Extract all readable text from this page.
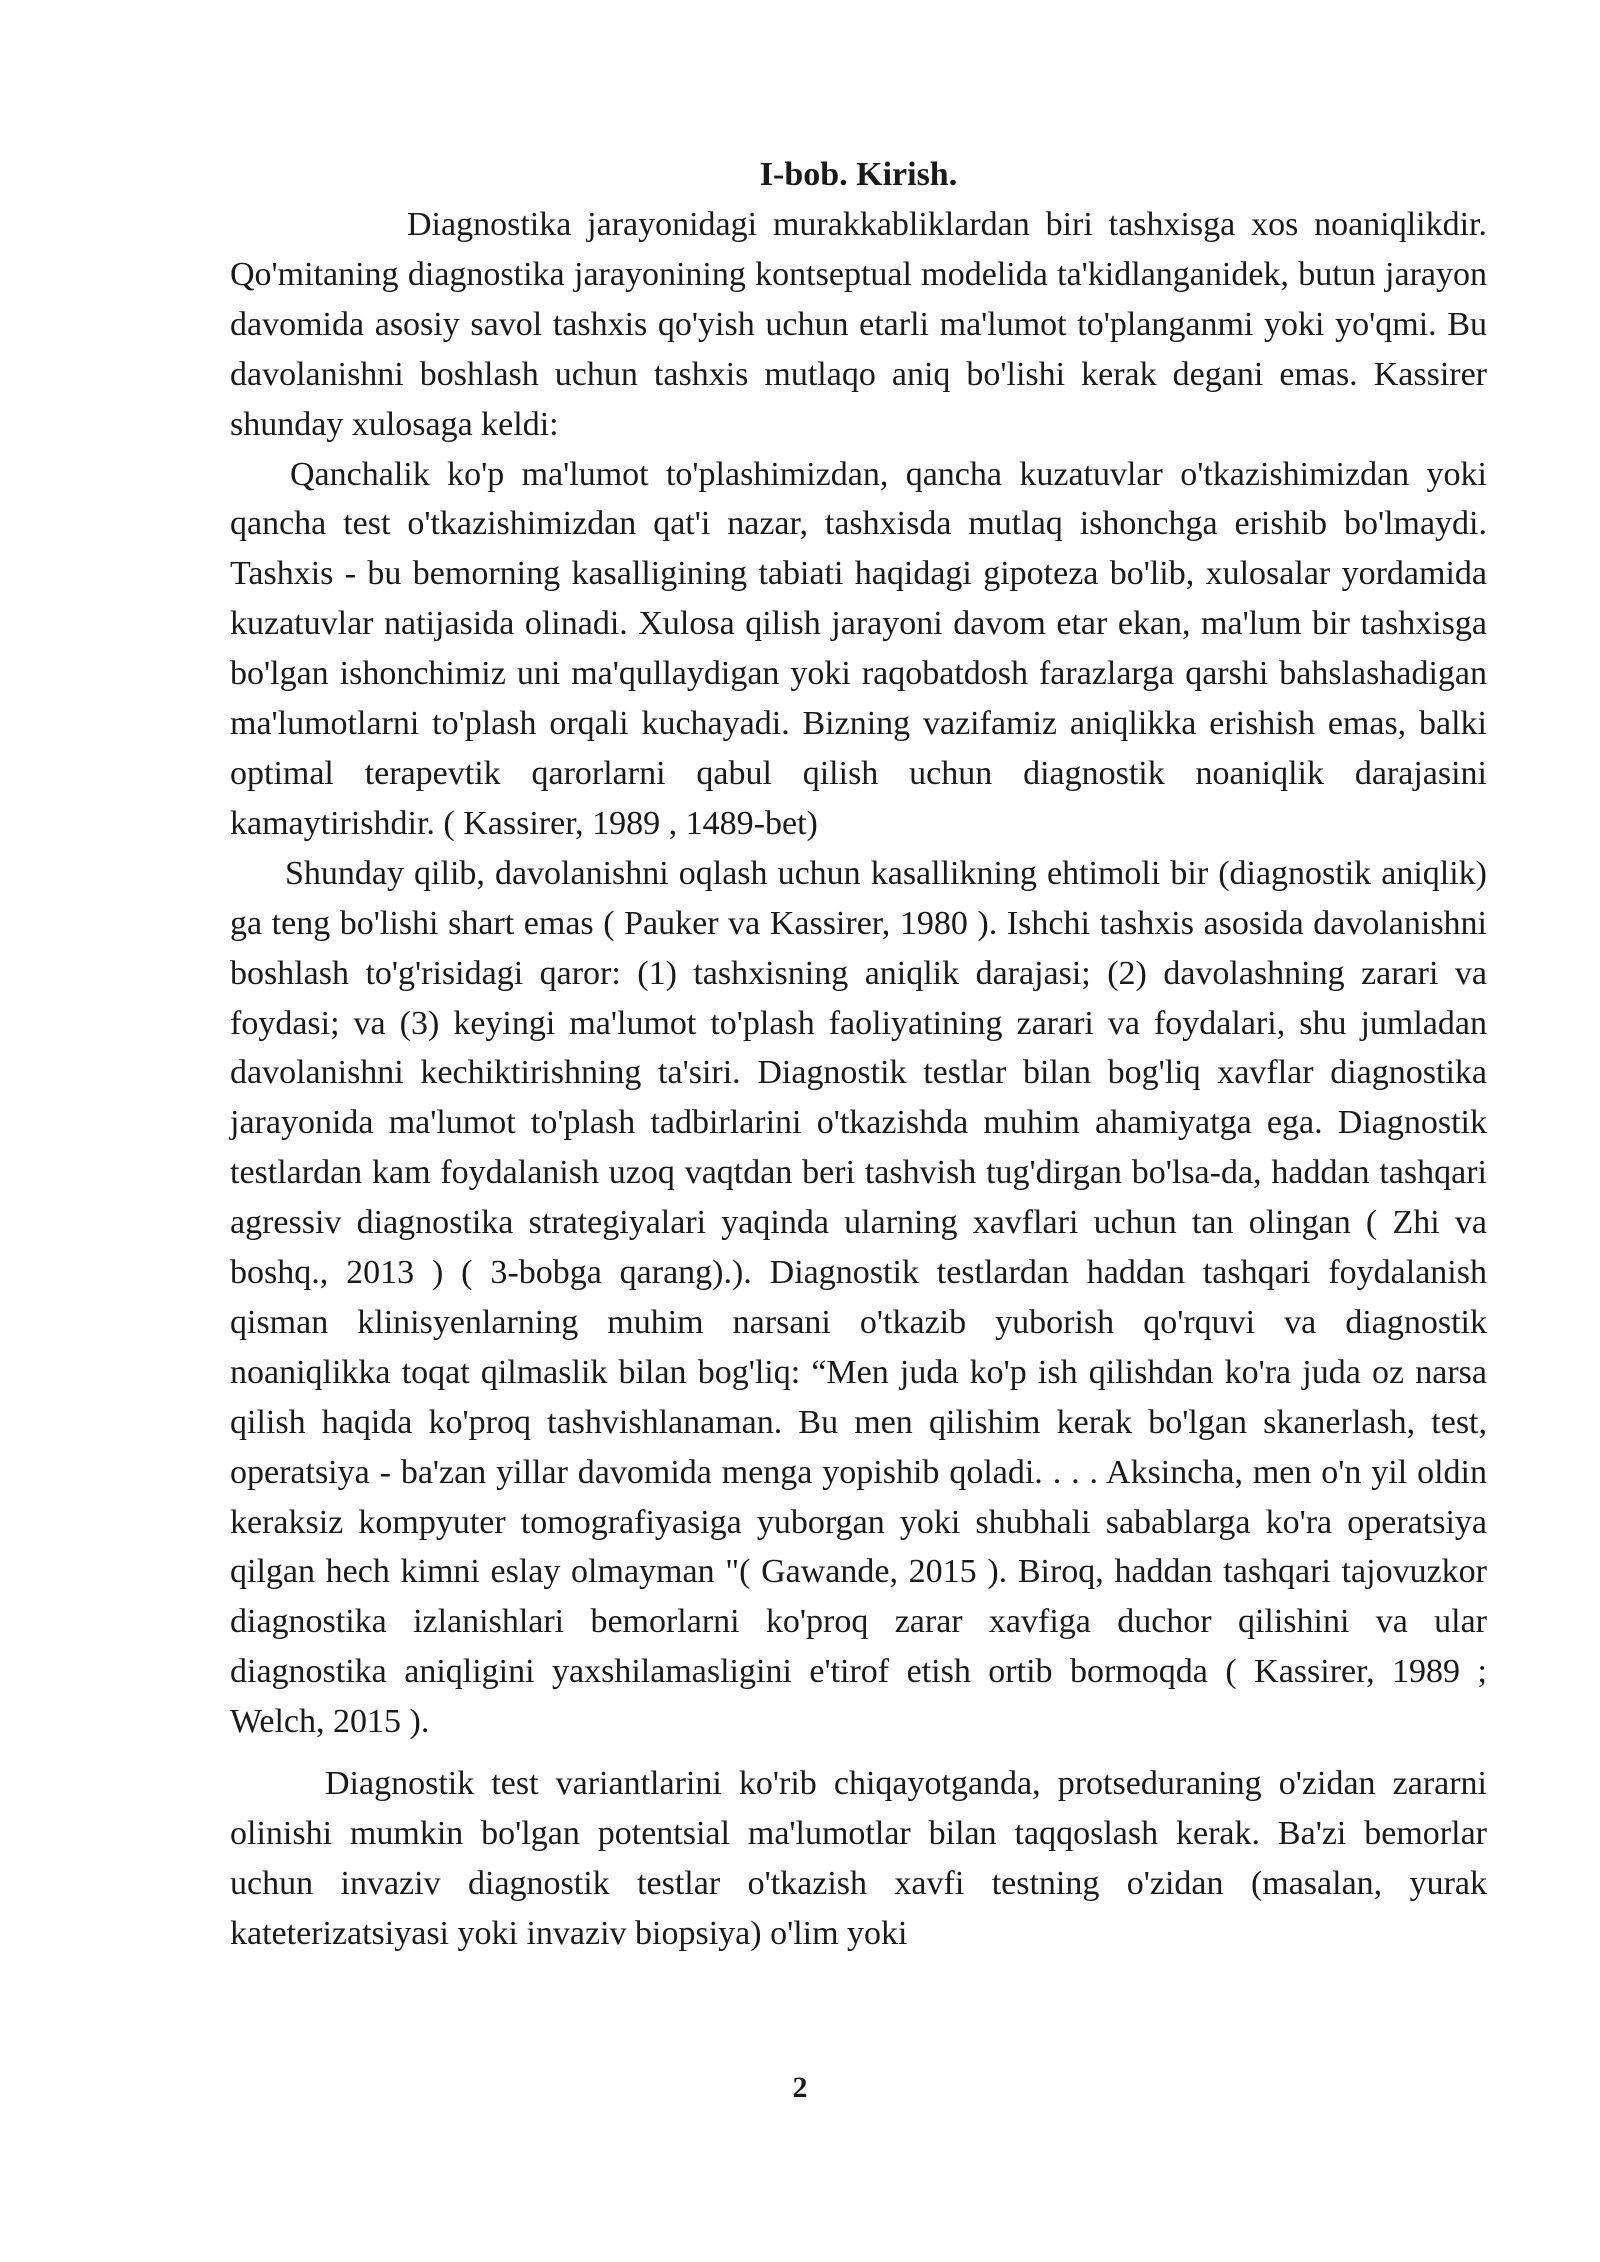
I-bob. Kirish.

Diagnostika jarayonidagi murakkabliklardan biri tashxisga xos noaniqlikdir. Qo'mitaning diagnostika jarayonining kontseptual modelida ta'kidlanganidek, butun jarayon davomida asosiy savol tashxis qo'yish uchun etarli ma'lumot to'planganmi yoki yo'qmi. Bu davolanishni boshlash uchun tashxis mutlaqo aniq bo'lishi kerak degani emas. Kassirer shunday xulosaga keldi:

Qanchalik ko'p ma'lumot to'plashimizdan, qancha kuzatuvlar o'tkazishimizdan yoki qancha test o'tkazishimizdan qat'i nazar, tashxisda mutlaq ishonchga erishib bo'lmaydi. Tashxis - bu bemorning kasalligining tabiati haqidagi gipoteza bo'lib, xulosalar yordamida kuzatuvlar natijasida olinadi. Xulosa qilish jarayoni davom etar ekan, ma'lum bir tashxisga bo'lgan ishonchimiz uni ma'qullaydigan yoki raqobatdosh farazlarga qarshi bahslashadigan ma'lumotlarni to'plash orqali kuchayadi. Bizning vazifamiz aniqlikka erishish emas, balki optimal terapevtik qarorlarni qabul qilish uchun diagnostik noaniqlik darajasini kamaytirishdir. ( Kassirer, 1989 , 1489-bet)

Shunday qilib, davolanishni oqlash uchun kasallikning ehtimoli bir (diagnostik aniqlik) ga teng bo'lishi shart emas ( Pauker va Kassirer, 1980 ). Ishchi tashxis asosida davolanishni boshlash to'g'risidagi qaror: (1) tashxisning aniqlik darajasi; (2) davolashning zarari va foydasi; va (3) keyingi ma'lumot to'plash faoliyatining zarari va foydalari, shu jumladan davolanishni kechiktirishning ta'siri. Diagnostik testlar bilan bog'liq xavflar diagnostika jarayonida ma'lumot to'plash tadbirlarini o'tkazishda muhim ahamiyatga ega. Diagnostik testlardan kam foydalanish uzoq vaqtdan beri tashvish tug'dirgan bo'lsa-da, haddan tashqari agressiv diagnostika strategiyalari yaqinda ularning xavflari uchun tan olingan ( Zhi va boshq., 2013 ) ( 3-bobga qarang).). Diagnostik testlardan haddan tashqari foydalanish qisman klinisyenlarning muhim narsani o'tkazib yuborish qo'rquvi va diagnostik noaniqlikka toqat qilmaslik bilan bog'liq: “Men juda ko'p ish qilishdan ko'ra juda oz narsa qilish haqida ko'proq tashvishlanaman. Bu men qilishim kerak bo'lgan skanerlash, test, operatsiya - ba'zan yillar davomida menga yopishib qoladi. . . . Aksincha, men o'n yil oldin keraksiz kompyuter tomografiyasiga yuborgan yoki shubhali sabablarga ko'ra operatsiya qilgan hech kimni eslay olmayman "( Gawande, 2015 ). Biroq, haddan tashqari tajovuzkor diagnostika izlanishlari bemorlarni ko'proq zarar xavfiga duchor qilishini va ular diagnostika aniqligini yaxshilamasligini e'tirof etish ortib bormoqda ( Kassirer, 1989 ; Welch, 2015 ).

Diagnostik test variantlarini ko'rib chiqayotganda, protseduraning o'zidan zararni olinishi mumkin bo'lgan potentsial ma'lumotlar bilan taqqoslash kerak. Ba'zi bemorlar uchun invaziv diagnostik testlar o'tkazish xavfi testning o'zidan (masalan, yurak kateterizatsiyasi yoki invaziv biopsiya) o'lim yoki

2
